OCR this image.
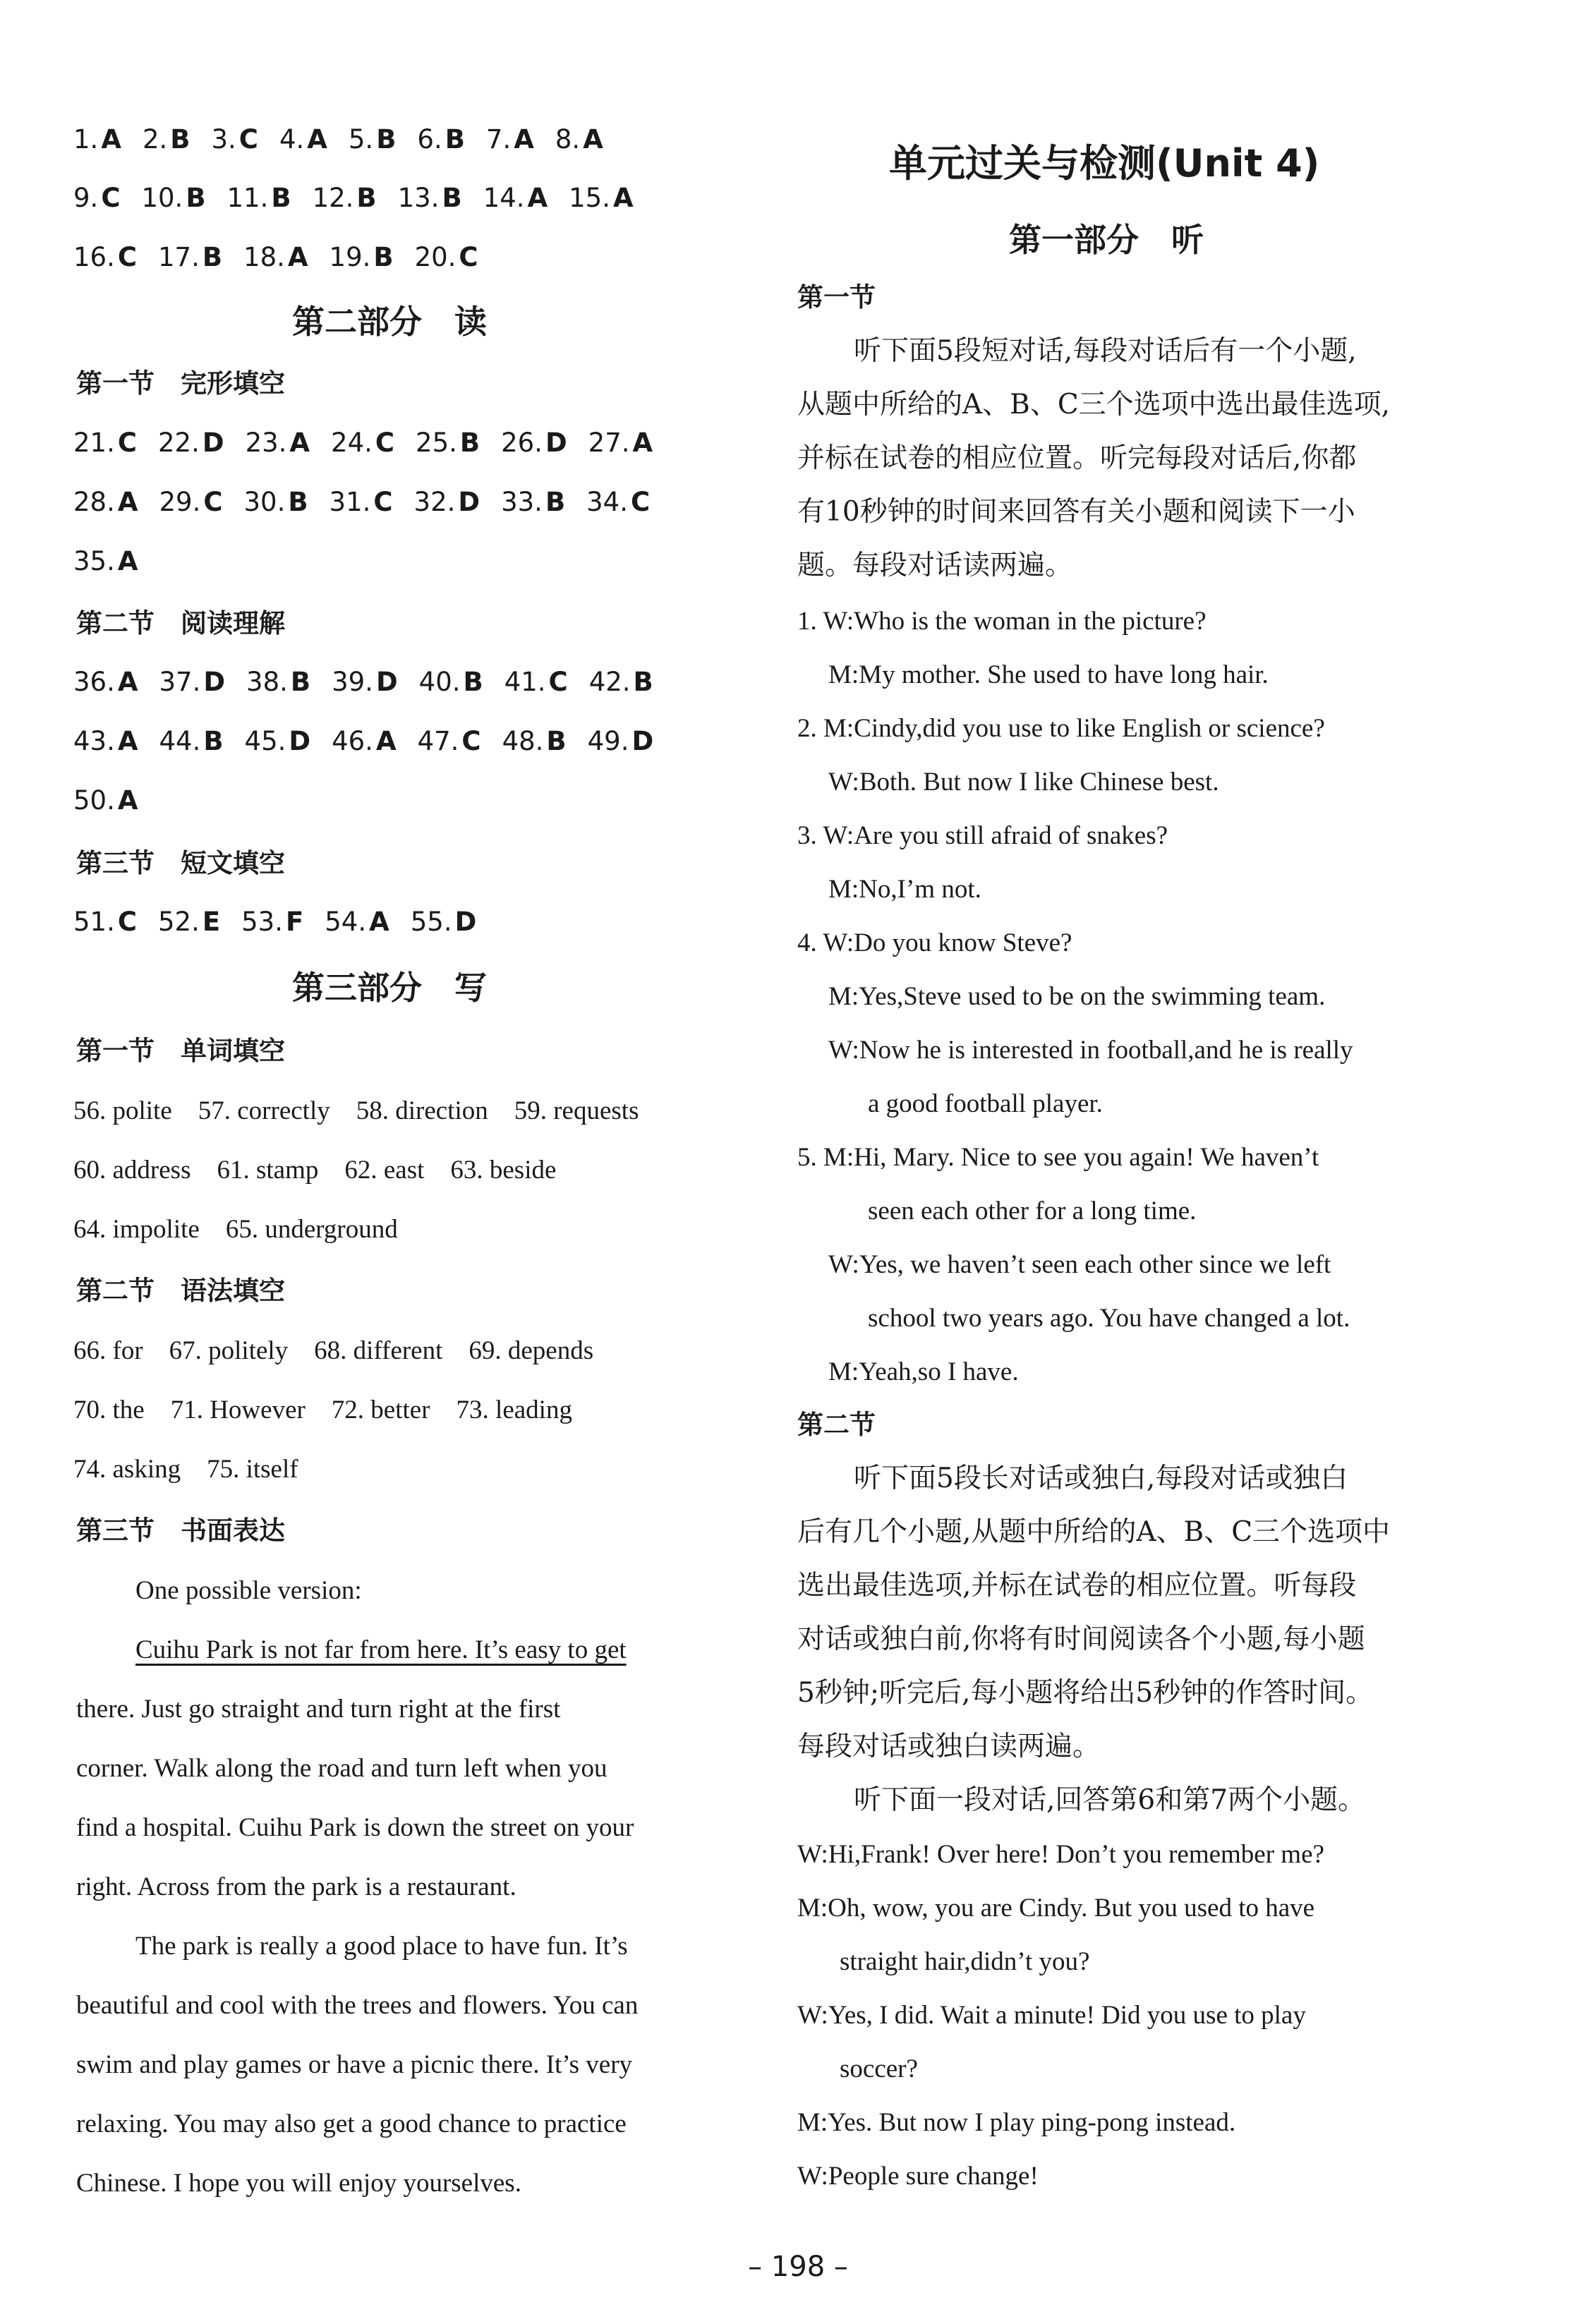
1. A 2. B 3. C 4. A 5. B 6. B 7. A 8. A
9. C 10. B 11. B 12. B 13. B 14. A 15. A
16. C 17. B 18. A 19. B 20. C
第二部分　读
第一节　完形填空
21. C 22. D 23. A 24. C 25. B 26. D 27. A
28. A 29. C 30. B 31. C 32. D 33. B 34. C
35. A
第二节　阅读理解
36. A 37. D 38. B 39. D 40. B 41. C 42. B
43. A 44. B 45. D 46. A 47. C 48. B 49. D
50. A
第三节　短文填空
51. C 52. E 53. F 54. A 55. D
第三部分　写
第一节　单词填空
56. polite　57. correctly　58. direction　59. requests
60. address　61. stamp　62. east　63. beside
64. impolite　65. underground
第二节　语法填空
66. for　67. politely　68. different　69. depends
70. the　71. However　72. better　73. leading
74. asking　75. itself
第三节　书面表达
One possible version:
Cuihu Park is not far from here. It’s easy to get
there. Just go straight and turn right at the first
corner. Walk along the road and turn left when you
find a hospital. Cuihu Park is down the street on your
right. Across from the park is a restaurant.
The park is really a good place to have fun. It’s
beautiful and cool with the trees and flowers. You can
swim and play games or have a picnic there. It’s very
relaxing. You may also get a good chance to practice
Chinese. I hope you will enjoy yourselves.
单元过关与检测(Unit 4)
第一部分　听
第一节
听下面5段短对话,每段对话后有一个小题,
从题中所给的A、B、C三个选项中选出最佳选项,
并标在试卷的相应位置。听完每段对话后,你都
有10秒钟的时间来回答有关小题和阅读下一小
题。每段对话读两遍。
1. W:Who is the woman in the picture?
M:My mother. She used to have long hair.
2. M:Cindy,did you use to like English or science?
W:Both. But now I like Chinese best.
3. W:Are you still afraid of snakes?
M:No,I’m not.
4. W:Do you know Steve?
M:Yes,Steve used to be on the swimming team.
W:Now he is interested in football,and he is really
a good football player.
5. M:Hi, Mary. Nice to see you again! We haven’t
seen each other for a long time.
W:Yes, we haven’t seen each other since we left
school two years ago. You have changed a lot.
M:Yeah,so I have.
第二节
听下面5段长对话或独白,每段对话或独白
后有几个小题,从题中所给的A、B、C三个选项中
选出最佳选项,并标在试卷的相应位置。听每段
对话或独白前,你将有时间阅读各个小题,每小题
5秒钟;听完后,每小题将给出5秒钟的作答时间。
每段对话或独白读两遍。
听下面一段对话,回答第6和第7两个小题。
W:Hi,Frank! Over here! Don’t you remember me?
M:Oh, wow, you are Cindy. But you used to have
straight hair,didn’t you?
W:Yes, I did. Wait a minute! Did you use to play
soccer?
M:Yes. But now I play ping-pong instead.
W:People sure change!
– 198 –
